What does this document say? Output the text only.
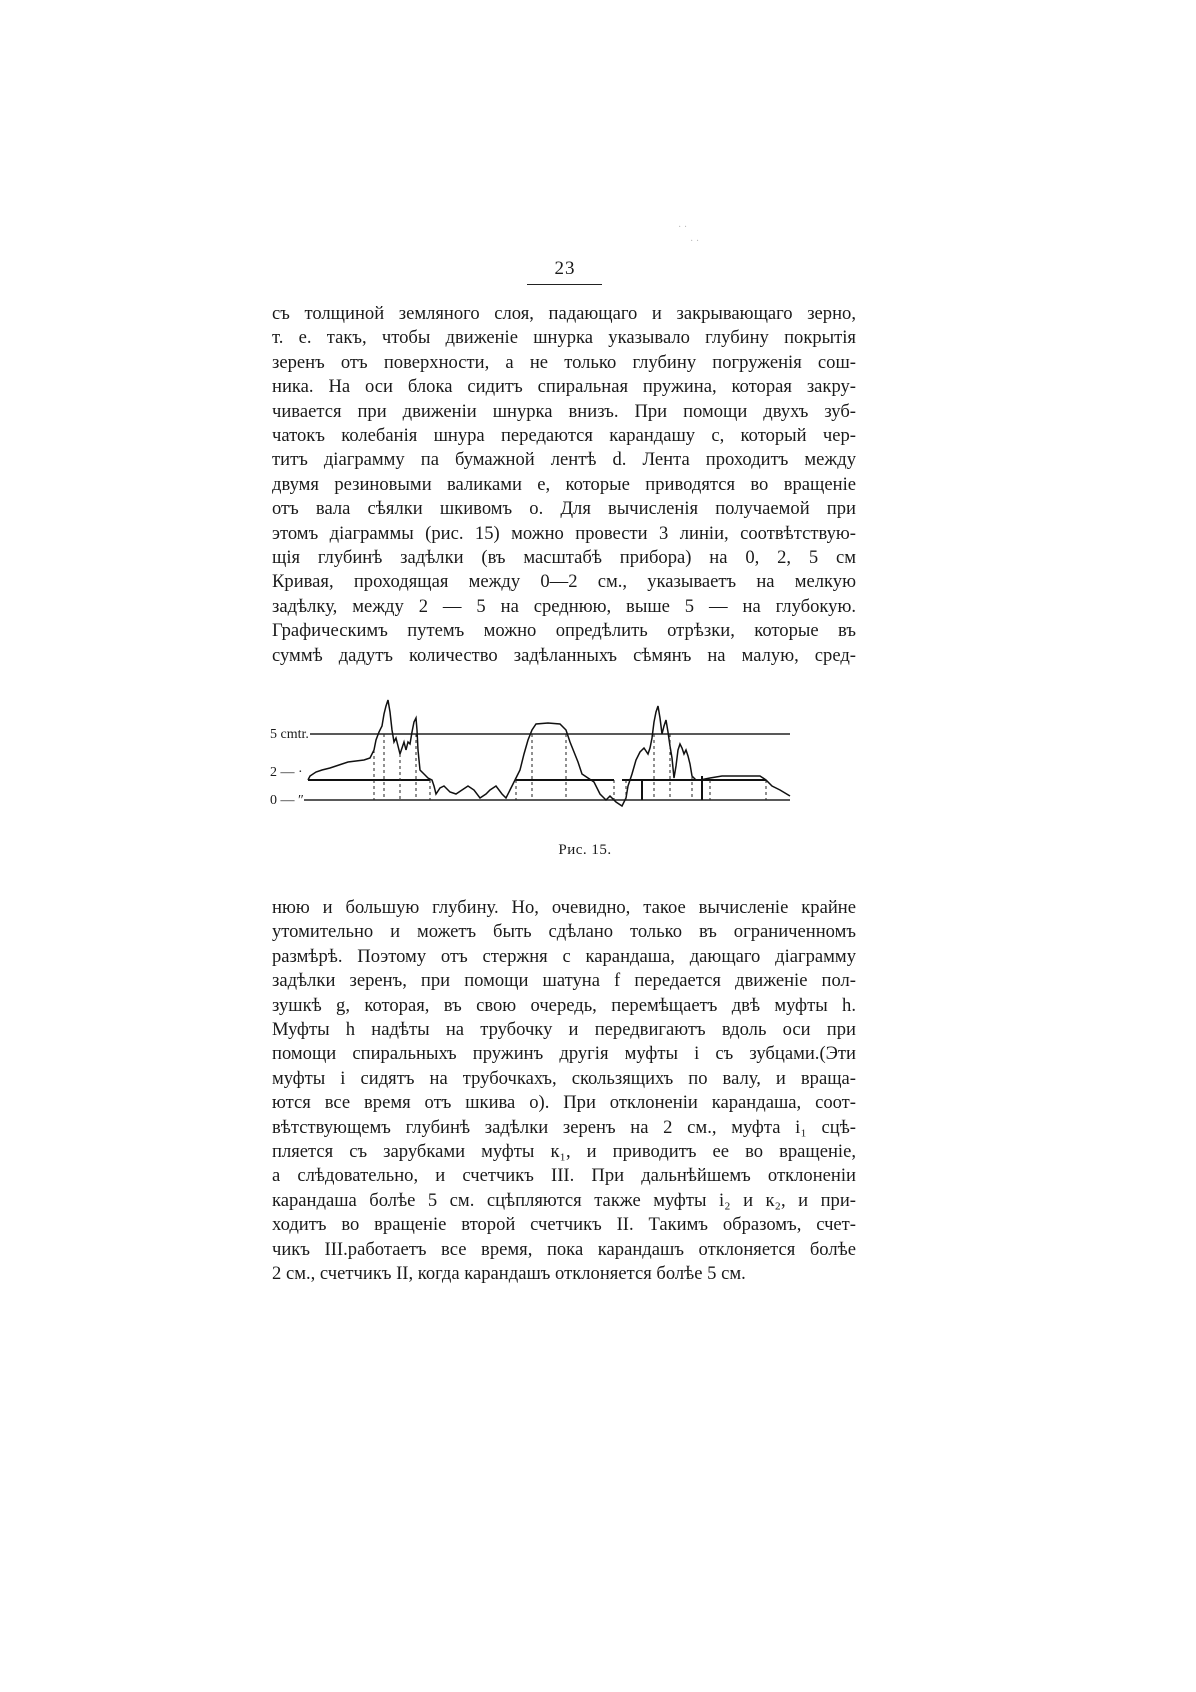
23
· ·
· ·
съ толщиной земляного слоя, падающаго и закрывающаго зерно,
т. е. такъ, чтобы движеніе шнурка указывало глубину покрытія
зеренъ отъ поверхности, а не только глубину погруженія сош-
ника. На оси блока сидитъ спиральная пружина, которая закру-
чивается при движеніи шнурка внизъ. При помощи двухъ зуб-
чатокъ колебанія шнура передаются карандашу с, который чер-
титъ діаграмму па бумажной лентѣ d. Лента проходитъ между
двумя резиновыми валиками е, которые приводятся во вращеніе
отъ вала сѣялки шкивомъ о. Для вычисленія получаемой при
этомъ діаграммы (рис. 15) можно провести 3 линіи, соотвѣтствую-
щія глубинѣ задѣлки (въ масштабѣ прибора) на 0, 2, 5 см
Кривая, проходящая между 0—2 см., указываетъ на мелкую
задѣлку, между 2 — 5 на среднюю, выше 5 — на глубокую.
Графическимъ путемъ можно опредѣлить отрѣзки, которые въ
суммѣ дадутъ количество задѣланныхъ сѣмянъ на малую, сред-
5 cmtr.
2 — ·
0 — ″
Рис. 15.
нюю и большую глубину. Но, очевидно, такое вычисленіе крайне
утомительно и можетъ быть сдѣлано только въ ограниченномъ
размѣрѣ. Поэтому отъ стержня с карандаша, дающаго діаграмму
задѣлки зеренъ, при помощи шатуна f передается движеніе пол-
зушкѣ g, которая, въ свою очередь, перемѣщаетъ двѣ муфты h.
Муфты h надѣты на трубочку и передвигаютъ вдоль оси при
помощи спиральныхъ пружинъ другія муфты i съ зубцами.(Эти
муфты i сидятъ на трубочкахъ, скользящихъ по валу, и враща-
ются все время отъ шкива о). При отклоненіи карандаша, соот-
вѣтствующемъ глубинѣ задѣлки зеренъ на 2 см., муфта i₁ сцѣ-
пляется съ зарубками муфты к₁, и приводитъ ее во вращеніе,
а слѣдовательно, и счетчикъ III. При дальнѣйшемъ отклоненіи
карандаша болѣе 5 см. сцѣпляются также муфты i₂ и к₂, и при-
ходитъ во вращеніе второй счетчикъ II. Такимъ образомъ, счет-
чикъ III.работаетъ все время, пока карандашъ отклоняется болѣе
2 см., счетчикъ II, когда карандашъ отклоняется болѣе 5 см.
